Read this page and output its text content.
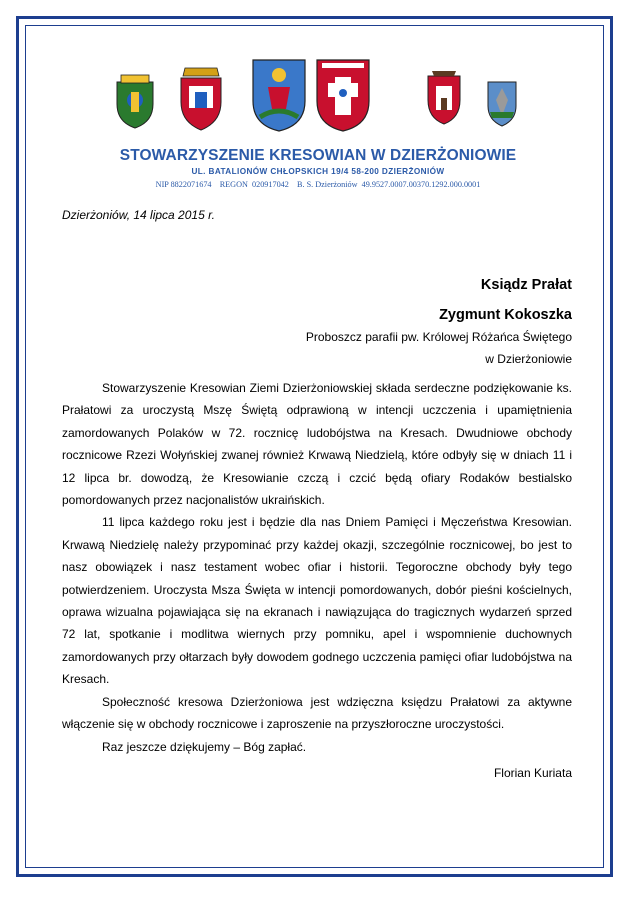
STOWARZYSZENIE KRESOWIAN W DZIERŻONIOWIE
UL. BATALIONÓW CHŁOPSKICH 19/4 58-200 DZIERŻONIÓW
NIP 8822071674    REGON  020917042    B. S. Dzierżoniów  49.9527.0007.00370.1292.000.0001
Dzierżoniów, 14 lipca 2015 r.
Ksiądz Prałat
Zygmunt Kokoszka
Proboszcz parafii pw. Królowej Różańca Świętego
w Dzierżoniowie

Stowarzyszenie Kresowian Ziemi Dzierżoniowskiej składa serdeczne podziękowanie ks. Prałatowi za uroczystą Mszę Świętą odprawioną w intencji uczczenia i upamiętnienia zamordowanych Polaków w 72. rocznicę ludobójstwa na Kresach. Dwudniowe obchody rocznicowe Rzezi Wołyńskiej zwanej również Krwawą Niedzielą, które odbyły się w dniach 11 i 12 lipca br. dowodzą, że Kresowianie czczą i czcić będą ofiary Rodaków bestialsko pomordowanych przez nacjonalistów ukraińskich.

11 lipca każdego roku jest i będzie dla nas Dniem Pamięci i Męczeństwa Kresowian. Krwawą Niedzielę należy przypominać przy każdej okazji, szczególnie rocznicowej, bo jest to nasz obowiązek i nasz testament wobec ofiar i historii. Tegoroczne obchody były tego potwierdzeniem. Uroczysta Msza Święta w intencji pomordowanych, dobór pieśni kościelnych, oprawa wizualna pojawiająca się na ekranach i nawiązująca do tragicznych wydarzeń sprzed 72 lat, spotkanie i modlitwa wiernych przy pomniku, apel i wspomnienie duchownych zamordowanych przy ołtarzach były dowodem godnego uczczenia pamięci ofiar ludobójstwa na Kresach.

Społeczność kresowa Dzierżoniowa jest wdzięczna księdzu Prałatowi za aktywne włączenie się w obchody rocznicowe i zaproszenie na przyszłoroczne uroczystości.

Raz jeszcze dziękujemy – Bóg zapłać.

Florian Kuriata
